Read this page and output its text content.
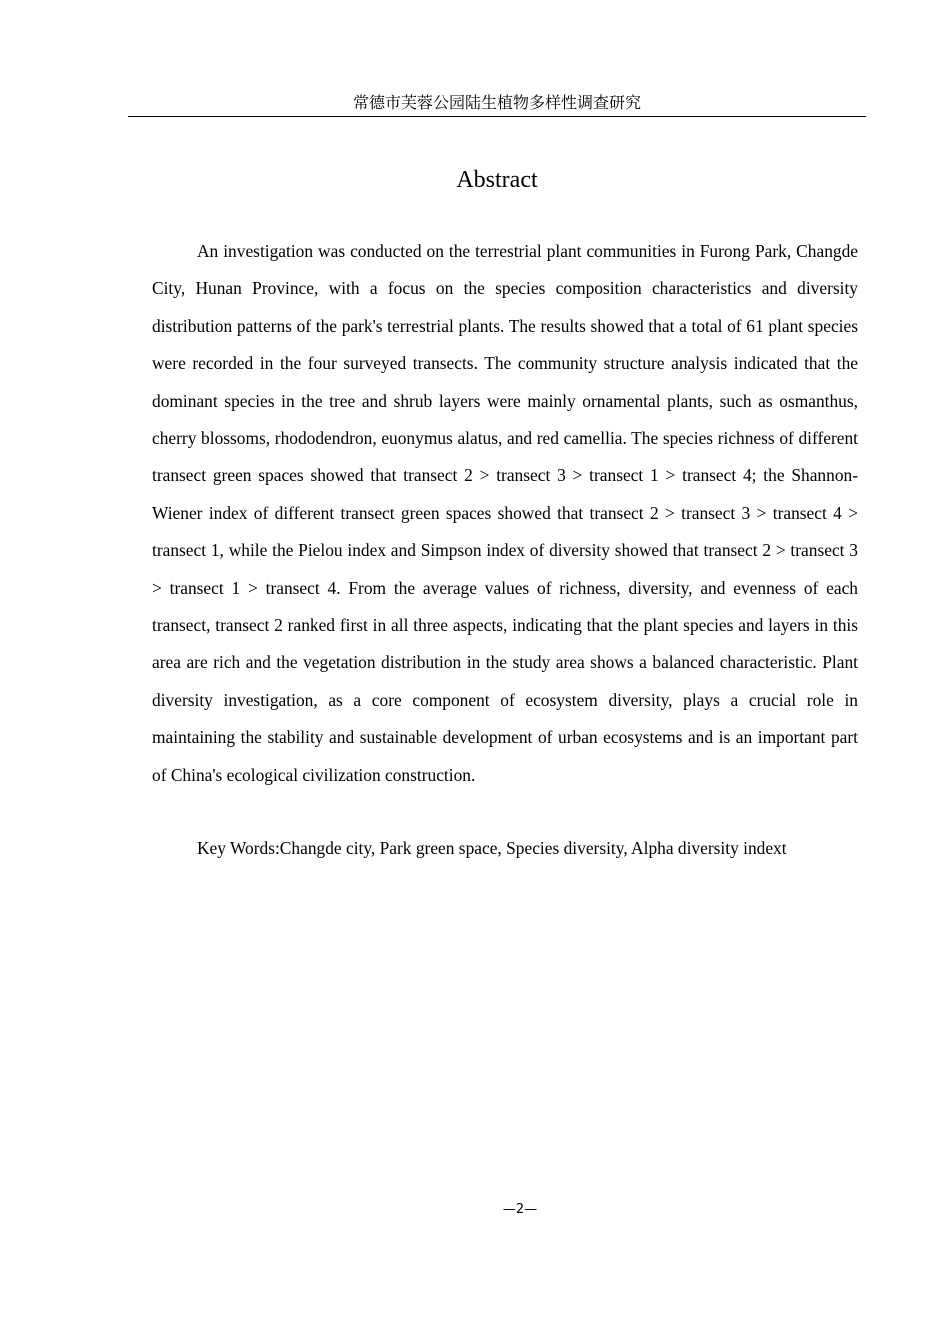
常德市芙蓉公园陆生植物多样性调查研究
Abstract

An investigation was conducted on the terrestrial plant communities in Furong Park, Changde City, Hunan Province, with a focus on the species composition characteristics and diversity distribution patterns of the park's terrestrial plants. The results showed that a total of 61 plant species were recorded in the four surveyed transects. The community structure analysis indicated that the dominant species in the tree and shrub layers were mainly ornamental plants, such as osmanthus, cherry blossoms, rhododendron, euonymus alatus, and red camellia. The species richness of different transect green spaces showed that transect 2 > transect 3 > transect 1 > transect 4; the Shannon-Wiener index of different transect green spaces showed that transect 2 > transect 3 > transect 4 > transect 1, while the Pielou index and Simpson index of diversity showed that transect 2 > transect 3 > transect 1 > transect 4. From the average values of richness, diversity, and evenness of each transect, transect 2 ranked first in all three aspects, indicating that the plant species and layers in this area are rich and the vegetation distribution in the study area shows a balanced characteristic. Plant diversity investigation, as a core component of ecosystem diversity, plays a crucial role in maintaining the stability and sustainable development of urban ecosystems and is an important part of China's ecological civilization construction.

Key Words:Changde city, Park green space, Species diversity, Alpha diversity indext

—2—
